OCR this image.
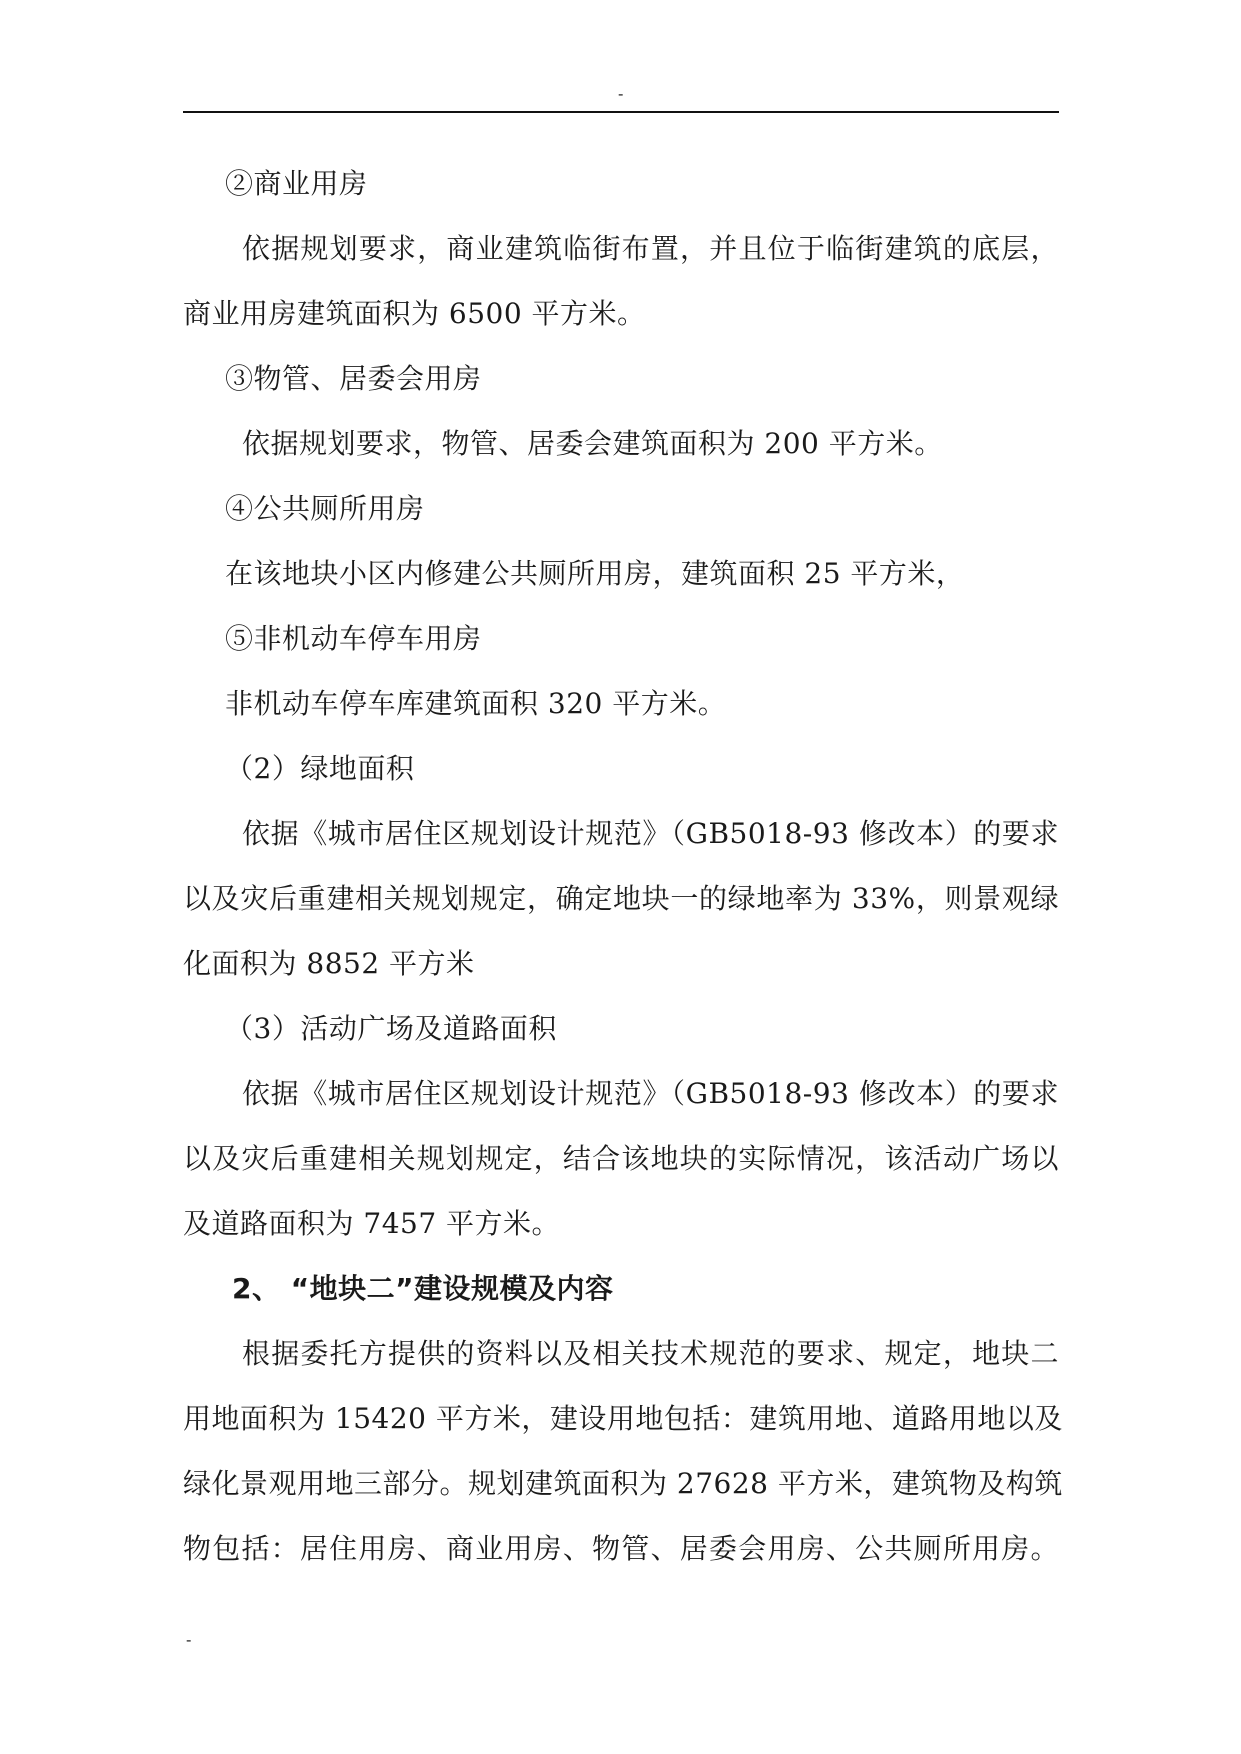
-

②商业用房

依据规划要求，商业建筑临街布置，并且位于临街建筑的底层，

商业用房建筑面积为 6500 平方米。

③物管、居委会用房

依据规划要求，物管、居委会建筑面积为 200 平方米。

④公共厕所用房

在该地块小区内修建公共厕所用房，建筑面积 25 平方米，

⑤非机动车停车用房

非机动车停车库建筑面积 320 平方米。

（2）绿地面积

依据《城市居住区规划设计规范》（GB5018-93 修改本）的要求

以及灾后重建相关规划规定，确定地块一的绿地率为 33%，则景观绿

化面积为 8852 平方米

（3）活动广场及道路面积

依据《城市居住区规划设计规范》（GB5018-93 修改本）的要求

以及灾后重建相关规划规定，结合该地块的实际情况，该活动广场以

及道路面积为 7457 平方米。

2、 “地块二”建设规模及内容

根据委托方提供的资料以及相关技术规范的要求、规定，地块二

用地面积为 15420 平方米，建设用地包括：建筑用地、道路用地以及

绿化景观用地三部分。规划建筑面积为 27628 平方米，建筑物及构筑

物包括：居住用房、商业用房、物管、居委会用房、公共厕所用房。

-
